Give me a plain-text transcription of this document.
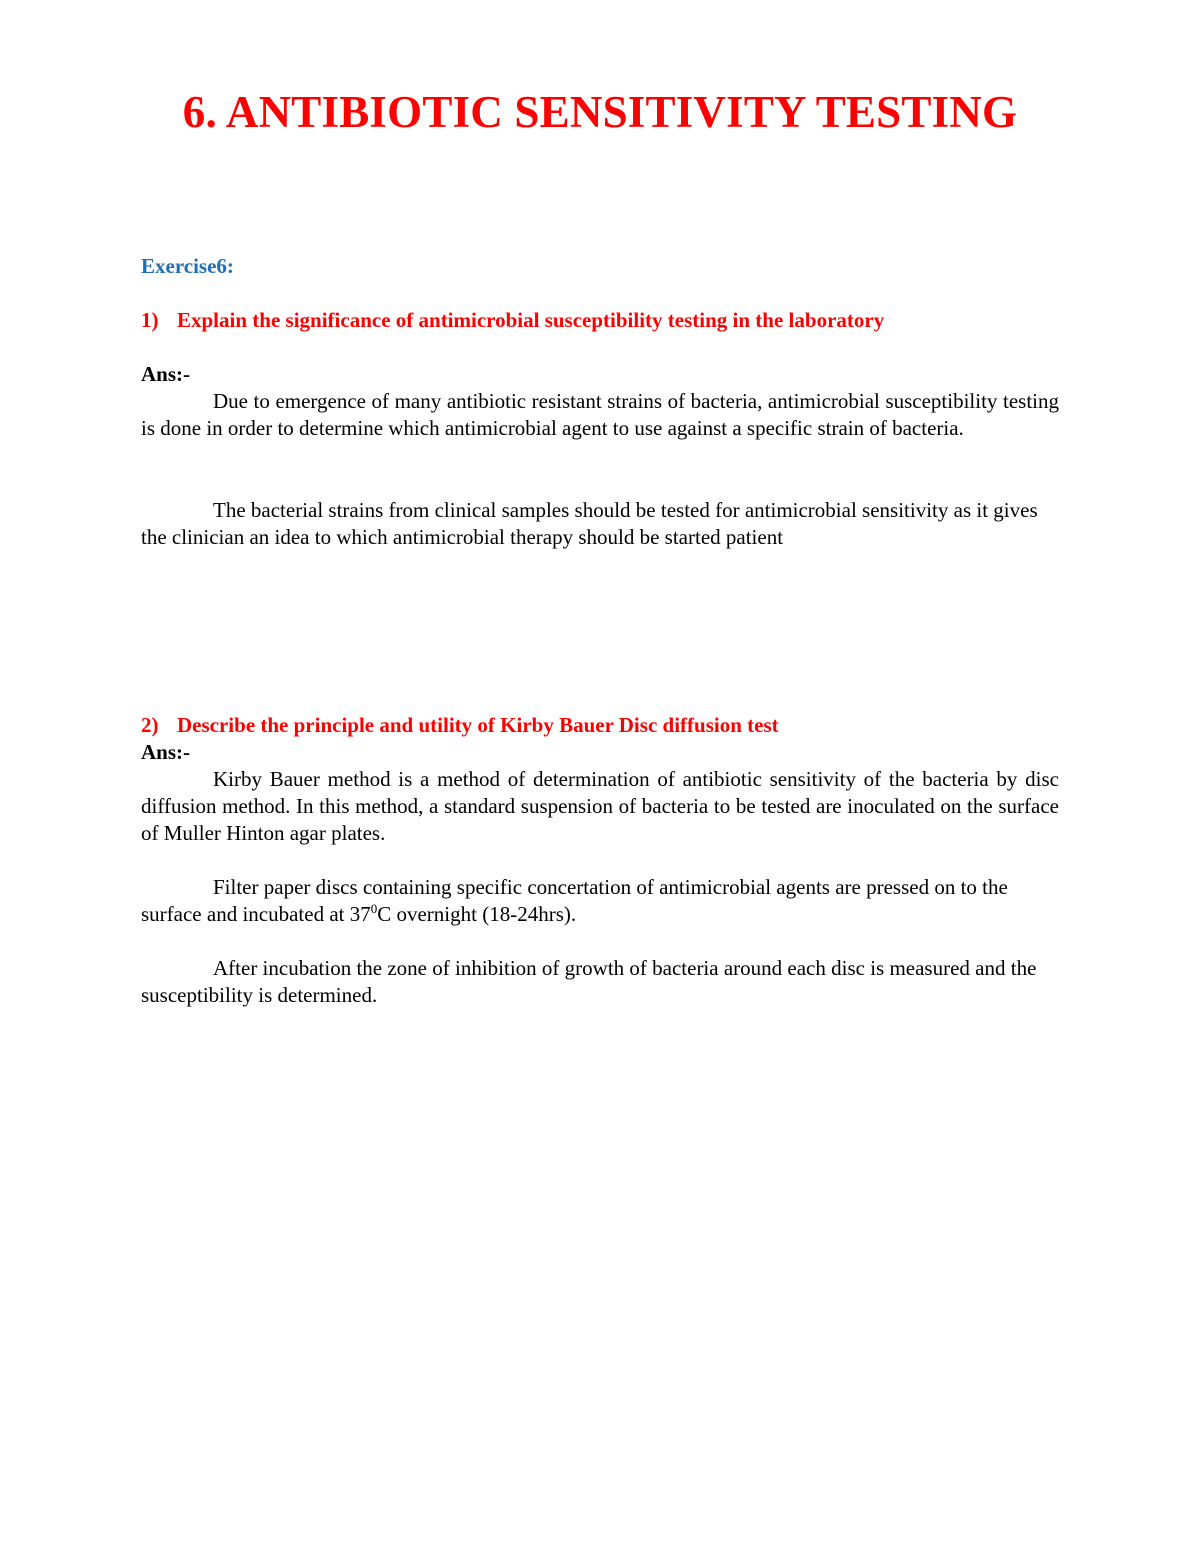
6. ANTIBIOTIC SENSITIVITY TESTING
Exercise6:
1) Explain the significance of antimicrobial susceptibility testing in the laboratory
Ans:-
Due to emergence of many antibiotic resistant strains of bacteria, antimicrobial susceptibility testing is done in order to determine which antimicrobial agent to use against a specific strain of bacteria.
The bacterial strains from clinical samples should be tested for antimicrobial sensitivity as it gives the clinician an idea to which antimicrobial therapy should be started patient
2) Describe the principle and utility of Kirby Bauer Disc diffusion test
Ans:-
Kirby Bauer method is a method of determination of antibiotic sensitivity of the bacteria by disc diffusion method. In this method, a standard suspension of bacteria to be tested are inoculated on the surface of Muller Hinton agar plates.
Filter paper discs containing specific concertation of antimicrobial agents are pressed on to the surface and incubated at $37^0C$ overnight (18-24hrs).
After incubation the zone of inhibition of growth of bacteria around each disc is measured and the susceptibility is determined.
